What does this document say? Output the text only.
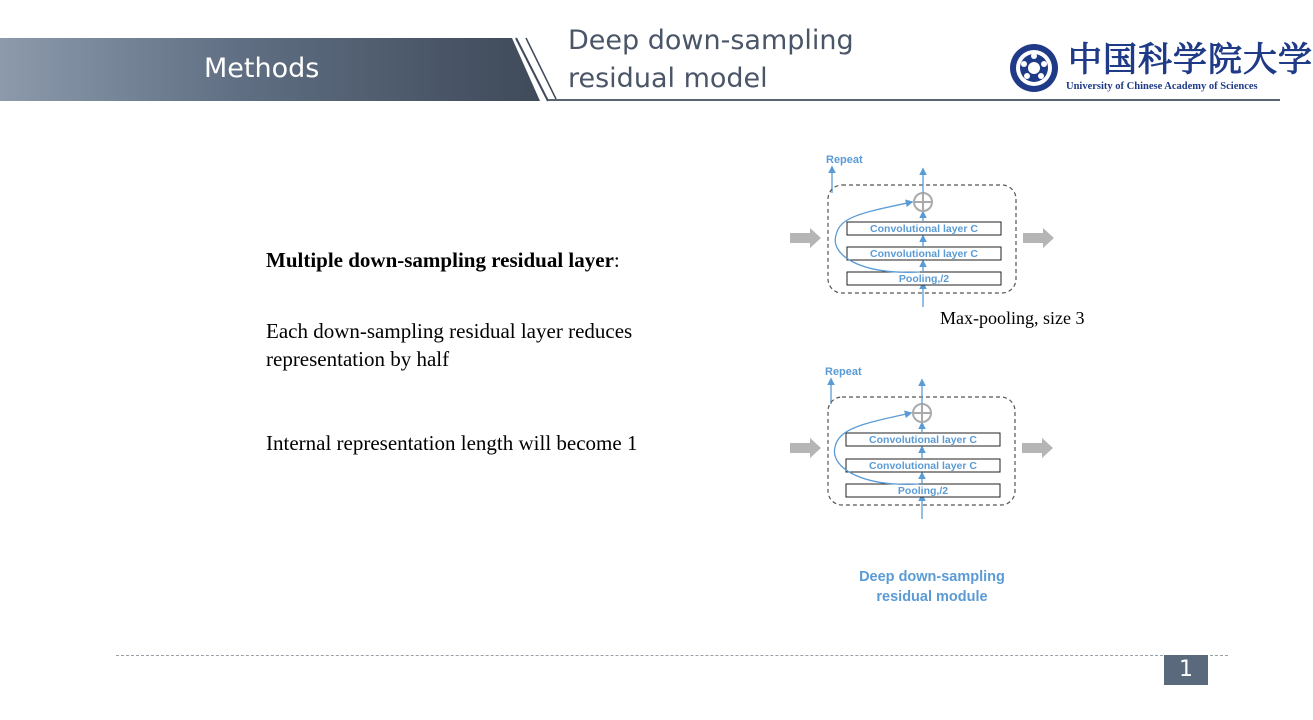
Methods
Deep down-sampling
residual model	中国科学院大学
University of Chinese Academy of Sciences
Multiple down-sampling residual layer:
Each down-sampling residual layer reduces
representation by half
Internal representation length will become 1
Repeat
Pooling,/2
Convolutional layer C
Convolutional layer C
Max-pooling, size 3
Repeat
Pooling,/2
Convolutional layer C
Convolutional layer C
Deep down-sampling
residual module
1
